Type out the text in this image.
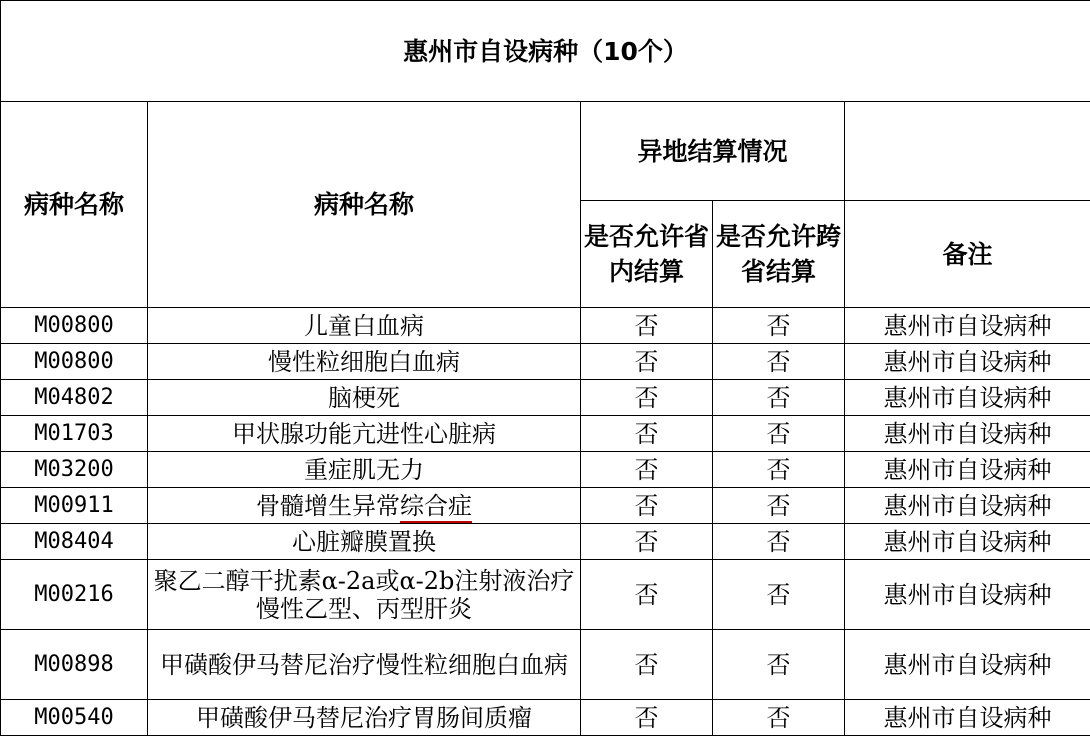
惠州市自设病种（10个）				
病种名称	病种名称	异地结算情况		
		是否允许省内结算	是否允许跨省结算	备注
M00800	儿童白血病	否	否	惠州市自设病种
M00800	慢性粒细胞白血病	否	否	惠州市自设病种
M04802	脑梗死	否	否	惠州市自设病种
M01703	甲状腺功能亢进性心脏病	否	否	惠州市自设病种
M03200	重症肌无力	否	否	惠州市自设病种
M00911	骨髓增生异常综合症	否	否	惠州市自设病种
M08404	心脏瓣膜置换	否	否	惠州市自设病种
M00216	聚乙二醇干扰素α-2a或α-2b注射液治疗慢性乙型、丙型肝炎	否	否	惠州市自设病种
M00898	甲磺酸伊马替尼治疗慢性粒细胞白血病	否	否	惠州市自设病种
M00540	甲磺酸伊马替尼治疗胃肠间质瘤	否	否	惠州市自设病种
